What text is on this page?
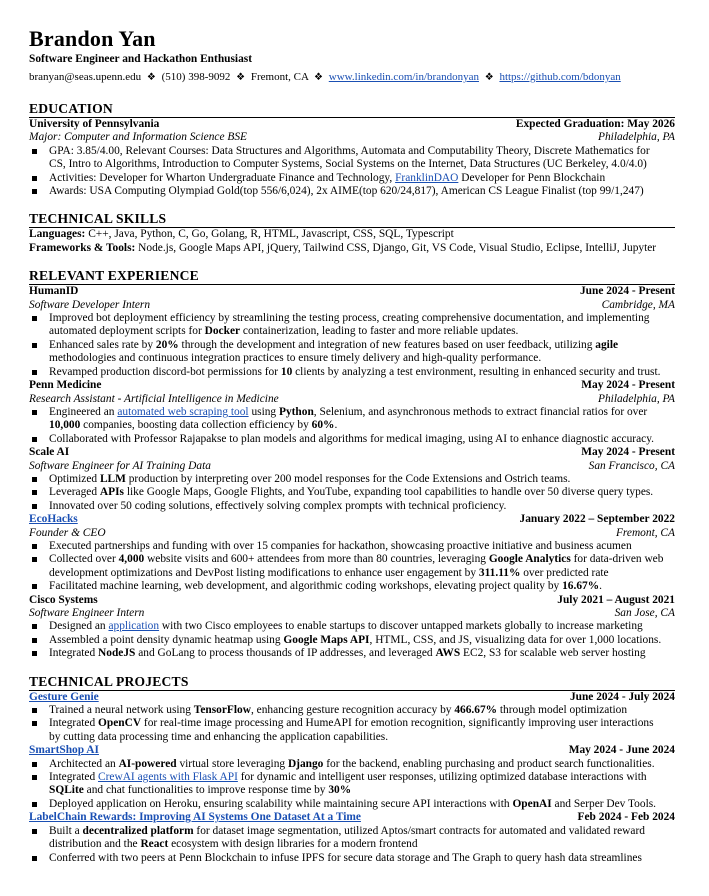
Brandon Yan
Software Engineer and Hackathon Enthusiast
branyan@seas.upenn.edu ❖ (510) 398-9092 ❖ Fremont, CA ❖ www.linkedin.com/in/brandonyan ❖ https://github.com/bdonyan
EDUCATION
University of Pennsylvania	Expected Graduation: May 2026
Major: Computer and Information Science BSE	Philadelphia, PA
GPA: 3.85/4.00, Relevant Courses: Data Structures and Algorithms, Automata and Computability Theory, Discrete Mathematics for CS, Intro to Algorithms, Introduction to Computer Systems, Social Systems on the Internet, Data Structures (UC Berkeley, 4.0/4.0)
Activities: Developer for Wharton Undergraduate Finance and Technology, FranklinDAO Developer for Penn Blockchain
Awards: USA Computing Olympiad Gold(top 556/6,024), 2x AIME(top 620/24,817), American CS League Finalist (top 99/1,247)
TECHNICAL SKILLS
Languages: C++, Java, Python, C, Go, Golang, R, HTML, Javascript, CSS, SQL, Typescript
Frameworks & Tools: Node.js, Google Maps API, jQuery, Tailwind CSS, Django, Git, VS Code, Visual Studio, Eclipse, IntelliJ, Jupyter
RELEVANT EXPERIENCE
HumanID	June 2024 - Present
Software Developer Intern	Cambridge, MA
Improved bot deployment efficiency by streamlining the testing process, creating comprehensive documentation, and implementing automated deployment scripts for Docker containerization, leading to faster and more reliable updates.
Enhanced sales rate by 20% through the development and integration of new features based on user feedback, utilizing agile methodologies and continuous integration practices to ensure timely delivery and high-quality performance.
Revamped production discord-bot permissions for 10 clients by analyzing a test environment, resulting in enhanced security and trust.
Penn Medicine	May 2024 - Present
Research Assistant - Artificial Intelligence in Medicine	Philadelphia, PA
Engineered an automated web scraping tool using Python, Selenium, and asynchronous methods to extract financial ratios for over 10,000 companies, boosting data collection efficiency by 60%.
Collaborated with Professor Rajapakse to plan models and algorithms for medical imaging, using AI to enhance diagnostic accuracy.
Scale AI	May 2024 - Present
Software Engineer for AI Training Data	San Francisco, CA
Optimized LLM production by interpreting over 200 model responses for the Code Extensions and Ostrich teams.
Leveraged APIs like Google Maps, Google Flights, and YouTube, expanding tool capabilities to handle over 50 diverse query types.
Innovated over 50 coding solutions, effectively solving complex prompts with technical proficiency.
EcoHacks	January 2022 – September 2022
Founder & CEO	Fremont, CA
Executed partnerships and funding with over 15 companies for hackathon, showcasing proactive initiative and business acumen
Collected over 4,000 website visits and 600+ attendees from more than 80 countries, leveraging Google Analytics for data-driven web development optimizations and DevPost listing modifications to enhance user engagement by 311.11% over predicted rate
Facilitated machine learning, web development, and algorithmic coding workshops, elevating project quality by 16.67%.
Cisco Systems	July 2021 – August 2021
Software Engineer Intern	San Jose, CA
Designed an application with two Cisco employees to enable startups to discover untapped markets globally to increase marketing
Assembled a point density dynamic heatmap using Google Maps API, HTML, CSS, and JS, visualizing data for over 1,000 locations.
Integrated NodeJS and GoLang to process thousands of IP addresses, and leveraged AWS EC2, S3 for scalable web server hosting
TECHNICAL PROJECTS
Gesture Genie	June 2024 - July 2024
Trained a neural network using TensorFlow, enhancing gesture recognition accuracy by 466.67% through model optimization
Integrated OpenCV for real-time image processing and HumeAPI for emotion recognition, significantly improving user interactions by cutting data processing time and enhancing the application capabilities.
SmartShop AI	May 2024 - June 2024
Architected an AI-powered virtual store leveraging Django for the backend, enabling purchasing and product search functionalities.
Integrated CrewAI agents with Flask API for dynamic and intelligent user responses, utilizing optimized database interactions with SQLite and chat functionalities to improve response time by 30%
Deployed application on Heroku, ensuring scalability while maintaining secure API interactions with OpenAI and Serper Dev Tools.
LabelChain Rewards: Improving AI Systems One Dataset At a Time	Feb 2024 - Feb 2024
Built a decentralized platform for dataset image segmentation, utilized Aptos/smart contracts for automated and validated reward distribution and the React ecosystem with design libraries for a modern frontend
Conferred with two peers at Penn Blockchain to infuse IPFS for secure data storage and The Graph to query hash data streamlines
